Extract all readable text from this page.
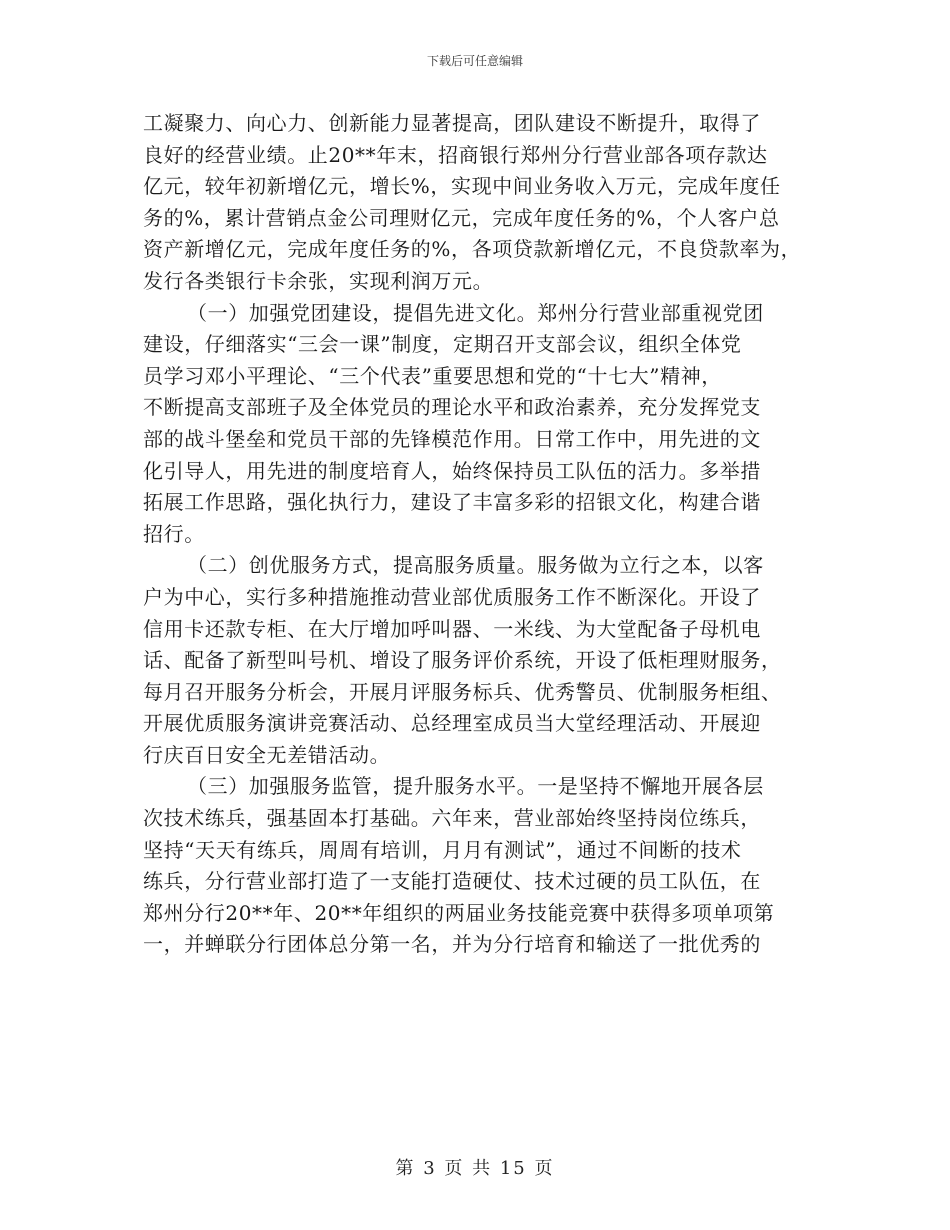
下载后可任意编辑
工凝聚力、向心力、创新能力显著提高，团队建设不断提升，取得了
良好的经营业绩。止20**年末，招商银行郑州分行营业部各项存款达
亿元，较年初新增亿元，增长%，实现中间业务收入万元，完成年度任
务的%，累计营销点金公司理财亿元，完成年度任务的%，个人客户总
资产新增亿元，完成年度任务的%，各项贷款新增亿元，不良贷款率为，
发行各类银行卡余张，实现利润万元。
（一）加强党团建设，提倡先进文化。郑州分行营业部重视党团
建设，仔细落实“三会一课”制度，定期召开支部会议，组织全体党
员学习邓小平理论、“三个代表”重要思想和党的“十七大”精神，
不断提高支部班子及全体党员的理论水平和政治素养，充分发挥党支
部的战斗堡垒和党员干部的先锋模范作用。日常工作中，用先进的文
化引导人，用先进的制度培育人，始终保持员工队伍的活力。多举措
拓展工作思路，强化执行力，建设了丰富多彩的招银文化，构建合谐
招行。
（二）创优服务方式，提高服务质量。服务做为立行之本，以客
户为中心，实行多种措施推动营业部优质服务工作不断深化。开设了
信用卡还款专柜、在大厅增加呼叫器、一米线、为大堂配备子母机电
话、配备了新型叫号机、增设了服务评价系统，开设了低柜理财服务，
每月召开服务分析会，开展月评服务标兵、优秀警员、优制服务柜组、
开展优质服务演讲竞赛活动、总经理室成员当大堂经理活动、开展迎
行庆百日安全无差错活动。
（三）加强服务监管，提升服务水平。一是坚持不懈地开展各层
次技术练兵，强基固本打基础。六年来，营业部始终坚持岗位练兵，
坚持“天天有练兵，周周有培训，月月有测试”，通过不间断的技术
练兵，分行营业部打造了一支能打造硬仗、技术过硬的员工队伍，在
郑州分行20**年、20**年组织的两届业务技能竞赛中获得多项单项第
一，并蝉联分行团体总分第一名，并为分行培育和输送了一批优秀的
第 3 页 共 15 页
